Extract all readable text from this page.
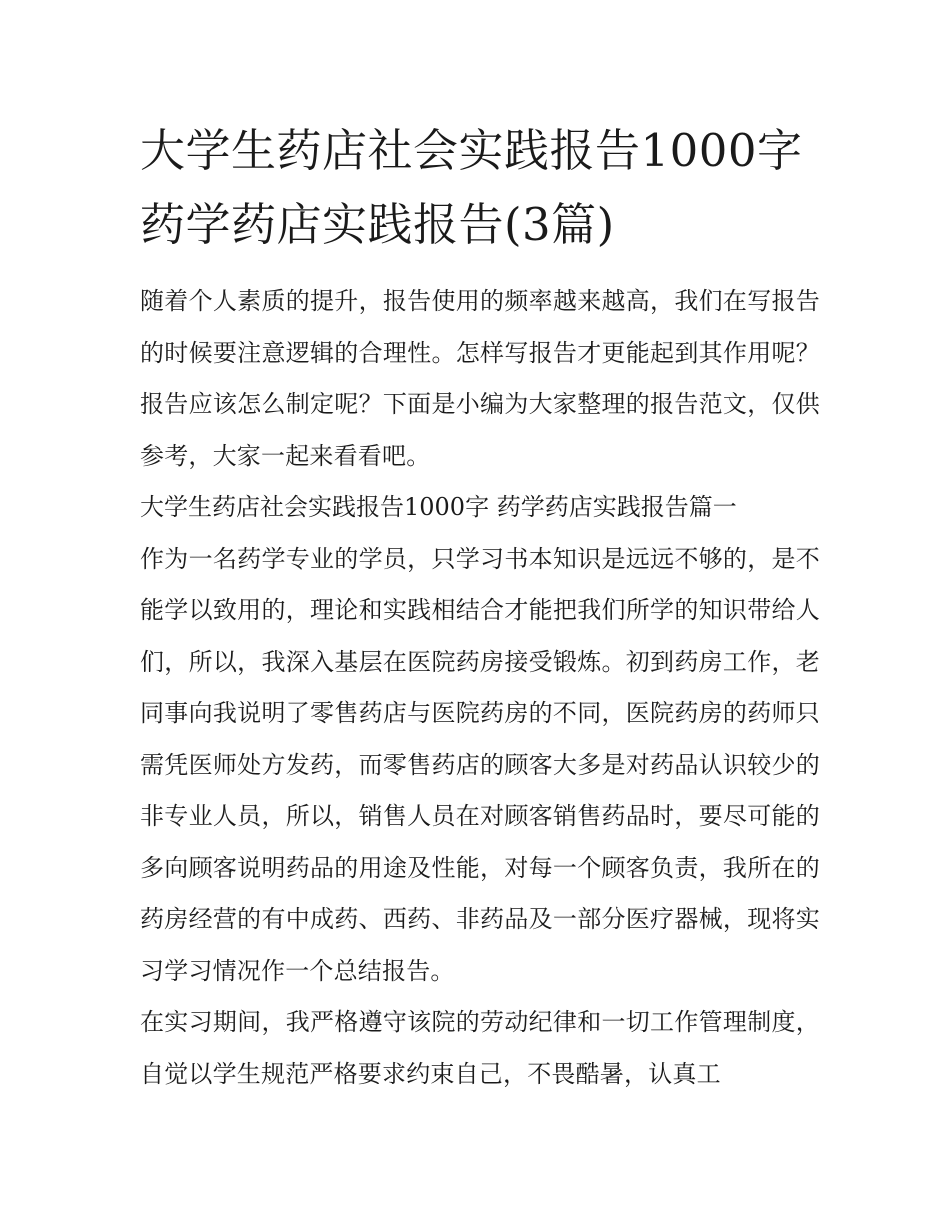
大学生药店社会实践报告1000字 药学药店实践报告(3篇)

随着个人素质的提升，报告使用的频率越来越高，我们在写报告的时候要注意逻辑的合理性。怎样写报告才更能起到其作用呢？报告应该怎么制定呢？下面是小编为大家整理的报告范文，仅供参考，大家一起来看看吧。

大学生药店社会实践报告1000字 药学药店实践报告篇一

作为一名药学专业的学员，只学习书本知识是远远不够的，是不能学以致用的，理论和实践相结合才能把我们所学的知识带给人们，所以，我深入基层在医院药房接受锻炼。初到药房工作，老同事向我说明了零售药店与医院药房的不同，医院药房的药师只需凭医师处方发药，而零售药店的顾客大多是对药品认识较少的非专业人员，所以，销售人员在对顾客销售药品时，要尽可能的多向顾客说明药品的用途及性能，对每一个顾客负责，我所在的药房经营的有中成药、西药、非药品及一部分医疗器械，现将实习学习情况作一个总结报告。

在实习期间，我严格遵守该院的劳动纪律和一切工作管理制度，自觉以学生规范严格要求约束自己，不畏酷暑，认真工
